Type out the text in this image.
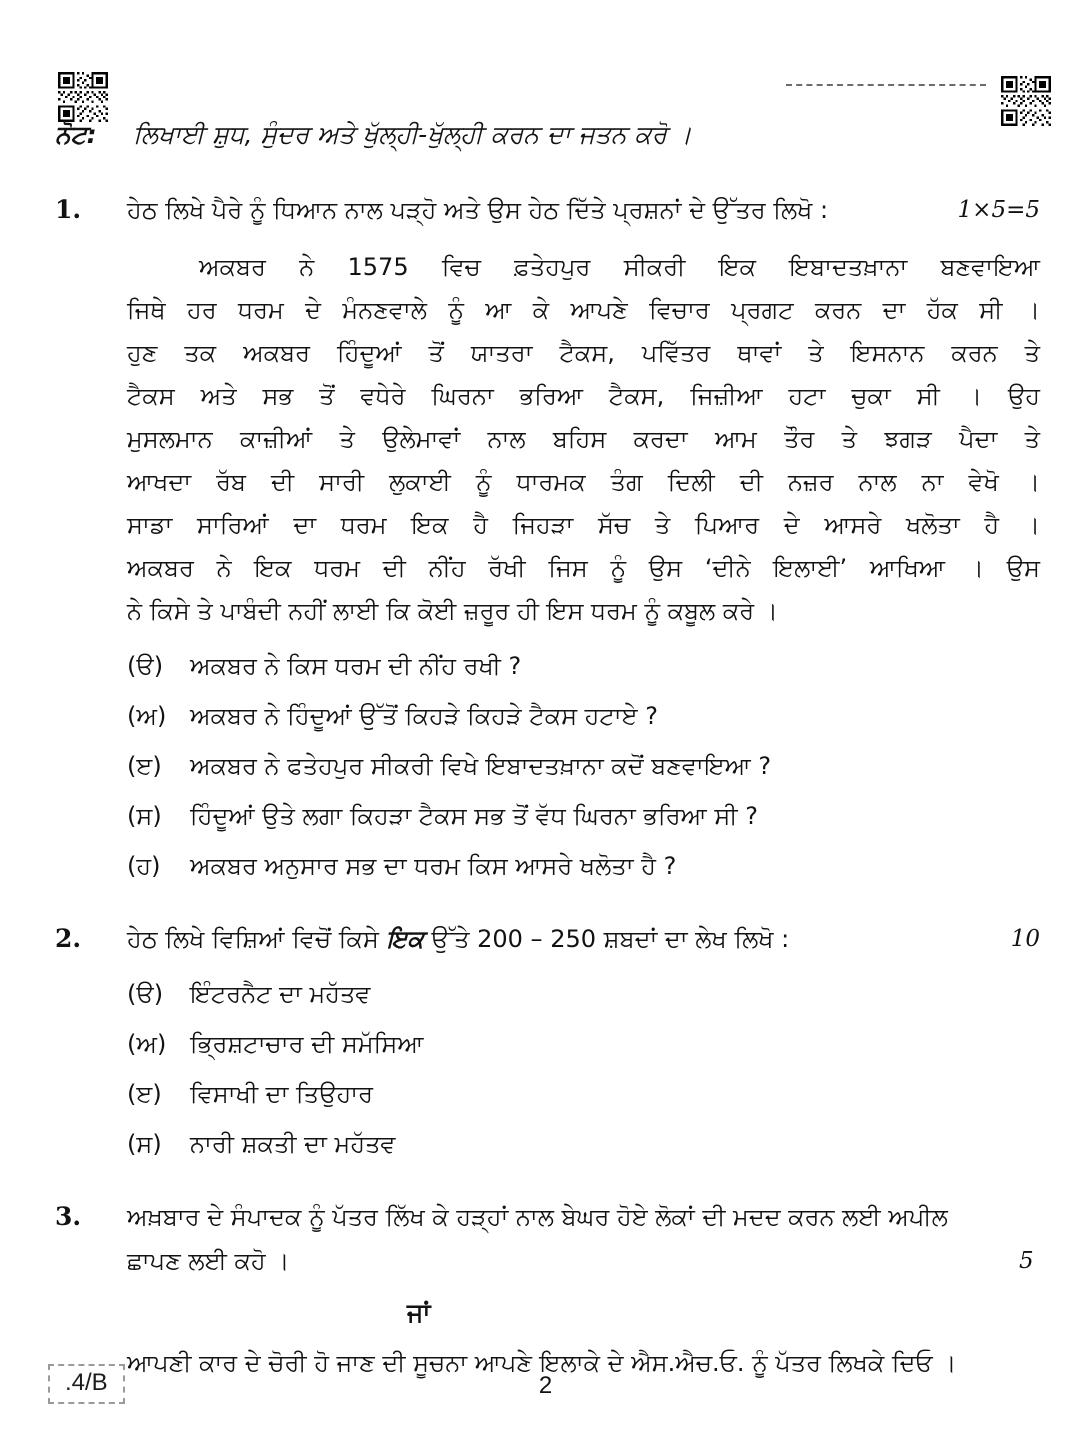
ਨੋਟ: ਲਿਖਾਈ ਸ਼ੁਧ, ਸੁੰਦਰ ਅਤੇ ਖੁੱਲ੍ਹੀ-ਖੁੱਲ੍ਹੀ ਕਰਨ ਦਾ ਜਤਨ ਕਰੋ ।
1.	ਹੇਠ ਲਿਖੇ ਪੈਰੇ ਨੂੰ ਧਿਆਨ ਨਾਲ ਪੜ੍ਹੋ ਅਤੇ ਉਸ ਹੇਠ ਦਿੱਤੇ ਪ੍ਰਸ਼ਨਾਂ ਦੇ ਉੱਤਰ ਲਿਖੋ :	1×5=5
ਅਕਬਰ ਨੇ 1575 ਵਿਚ ਫ਼ਤੇਹਪੁਰ ਸੀਕਰੀ ਇਕ ਇਬਾਦਤਖ਼ਾਨਾ ਬਣਵਾਇਆ
ਜਿਥੇ ਹਰ ਧਰਮ ਦੇ ਮੰਨਣਵਾਲੇ ਨੂੰ ਆ ਕੇ ਆਪਣੇ ਵਿਚਾਰ ਪ੍ਰਗਟ ਕਰਨ ਦਾ ਹੱਕ ਸੀ ।
ਹੁਣ ਤਕ ਅਕਬਰ ਹਿੰਦੂਆਂ ਤੋਂ ਯਾਤਰਾ ਟੈਕਸ, ਪਵਿੱਤਰ ਥਾਵਾਂ ਤੇ ਇਸਨਾਨ ਕਰਨ ਤੇ
ਟੈਕਸ ਅਤੇ ਸਭ ਤੋਂ ਵਧੇਰੇ ਘਿਰਨਾ ਭਰਿਆ ਟੈਕਸ, ਜਿਜ਼ੀਆ ਹਟਾ ਚੁਕਾ ਸੀ । ਉਹ
ਮੁਸਲਮਾਨ ਕਾਜ਼ੀਆਂ ਤੇ ਉਲੇਮਾਵਾਂ ਨਾਲ ਬਹਿਸ ਕਰਦਾ ਆਮ ਤੌਰ ਤੇ ਝਗੜ ਪੈਦਾ ਤੇ
ਆਖਦਾ ਰੱਬ ਦੀ ਸਾਰੀ ਲੁਕਾਈ ਨੂੰ ਧਾਰਮਕ ਤੰਗ ਦਿਲੀ ਦੀ ਨਜ਼ਰ ਨਾਲ ਨਾ ਵੇਖੋ ।
ਸਾਡਾ ਸਾਰਿਆਂ ਦਾ ਧਰਮ ਇਕ ਹੈ ਜਿਹੜਾ ਸੱਚ ਤੇ ਪਿਆਰ ਦੇ ਆਸਰੇ ਖਲੋਤਾ ਹੈ ।
ਅਕਬਰ ਨੇ ਇਕ ਧਰਮ ਦੀ ਨੀਂਹ ਰੱਖੀ ਜਿਸ ਨੂੰ ਉਸ ‘ਦੀਨੇ ਇਲਾਈ’ ਆਖਿਆ । ਉਸ
ਨੇ ਕਿਸੇ ਤੇ ਪਾਬੰਦੀ ਨਹੀਂ ਲਾਈ ਕਿ ਕੋਈ ਜ਼ਰੂਰ ਹੀ ਇਸ ਧਰਮ ਨੂੰ ਕਬੂਲ ਕਰੇ ।
(ੳ)	ਅਕਬਰ ਨੇ ਕਿਸ ਧਰਮ ਦੀ ਨੀਂਹ ਰਖੀ ?
(ਅ) ਅਕਬਰ ਨੇ ਹਿੰਦੂਆਂ ਉੱਤੋਂ ਕਿਹੜੇ ਕਿਹੜੇ ਟੈਕਸ ਹਟਾਏ ?
(ੲ)	ਅਕਬਰ ਨੇ ਫਤੇਹਪੁਰ ਸੀਕਰੀ ਵਿਖੇ ਇਬਾਦਤਖ਼ਾਨਾ ਕਦੋਂ ਬਣਵਾਇਆ ?
(ਸ)	ਹਿੰਦੂਆਂ ਉਤੇ ਲਗਾ ਕਿਹੜਾ ਟੈਕਸ ਸਭ ਤੋਂ ਵੱਧ ਘਿਰਨਾ ਭਰਿਆ ਸੀ ?
(ਹ)	ਅਕਬਰ ਅਨੁਸਾਰ ਸਭ ਦਾ ਧਰਮ ਕਿਸ ਆਸਰੇ ਖਲੋਤਾ ਹੈ ?
2.	ਹੇਠ ਲਿਖੇ ਵਿਸ਼ਿਆਂ ਵਿਚੋਂ ਕਿਸੇ ਇਕ ਉੱਤੇ 200 – 250 ਸ਼ਬਦਾਂ ਦਾ ਲੇਖ ਲਿਖੋ :	10
(ੳ)	ਇੰਟਰਨੈਟ ਦਾ ਮਹੱਤਵ
(ਅ) ਭ੍ਰਿਸ਼ਟਾਚਾਰ ਦੀ ਸਮੱਸਿਆ
(ੲ)	ਵਿਸਾਖੀ ਦਾ ਤਿਉਹਾਰ
(ਸ)	ਨਾਰੀ ਸ਼ਕਤੀ ਦਾ ਮਹੱਤਵ
3.	ਅਖ਼ਬਾਰ ਦੇ ਸੰਪਾਦਕ ਨੂੰ ਪੱਤਰ ਲਿੱਖ ਕੇ ਹੜ੍ਹਾਂ ਨਾਲ ਬੇਘਰ ਹੋਏ ਲੋਕਾਂ ਦੀ ਮਦਦ ਕਰਨ ਲਈ ਅਪੀਲ ਛਾਪਣ ਲਈ ਕਹੋ ।	5
ਜਾਂ
ਆਪਣੀ ਕਾਰ ਦੇ ਚੋਰੀ ਹੋ ਜਾਣ ਦੀ ਸੂਚਨਾ ਆਪਣੇ ਇਲਾਕੇ ਦੇ ਐਸ.ਐਚ.ਓ. ਨੂੰ ਪੱਤਰ ਲਿਖਕੇ ਦਿਓ ।
.4/B	2
